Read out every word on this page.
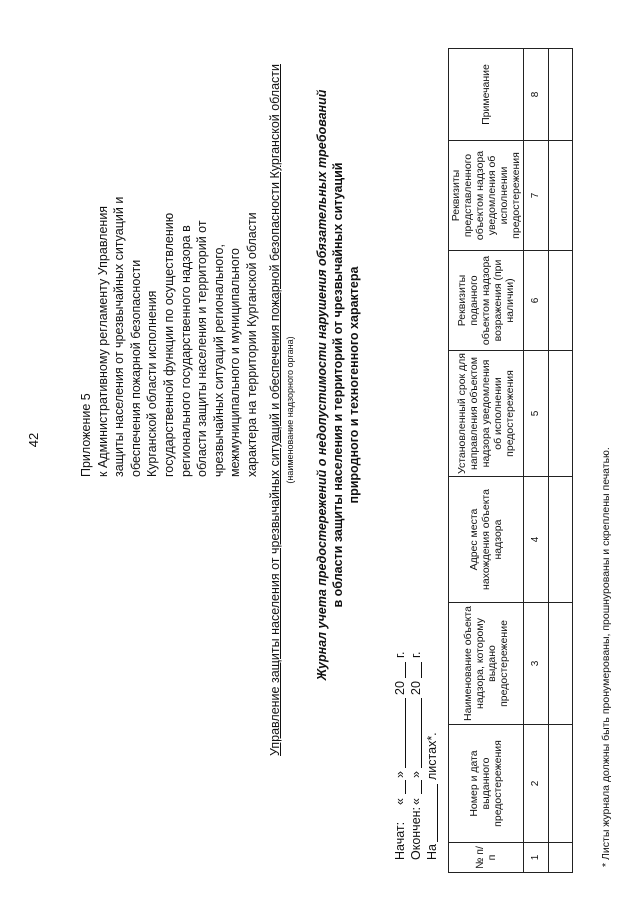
42	Приложение 5 к Административному регламенту Управления защиты населения от чрезвычайных ситуаций и обеспечения пожарной безопасности Курганской области исполнения государственной функции по осуществлению регионального государственного надзора в области защиты населения и территорий от чрезвычайных ситуаций регионального, межмуниципального и муниципального характера на территории Курганской области Управление защиты населения от чрезвычайных ситуаций и обеспечения пожарной безопасности Курганской области (наименование надзорного органа) Журнал учета предостережений о недопустимости нарушения обязательных требований в области защиты населения и территорий от чрезвычайных ситуаций природного и техногенного характера
Начат:
«
»
20
г.
Окончен:
«
»
20
г.
На
листах*.
№ п/п	Номер и дата выданного предостережения	Наименование объекта надзора, которому выдано предостережение	Адрес места нахождения объекта надзора	Установленный срок для направления объектом надзора уведомления об исполнении предостережения	Реквизиты поданного объектом надзора возражения (при наличии)	Реквизиты представленного объектом надзора уведомления об исполнении предостережения	Примечание
1	2	3	4	5	6	7	8

* Листы журнала должны быть пронумерованы, прошнурованы и скреплены печатью.
